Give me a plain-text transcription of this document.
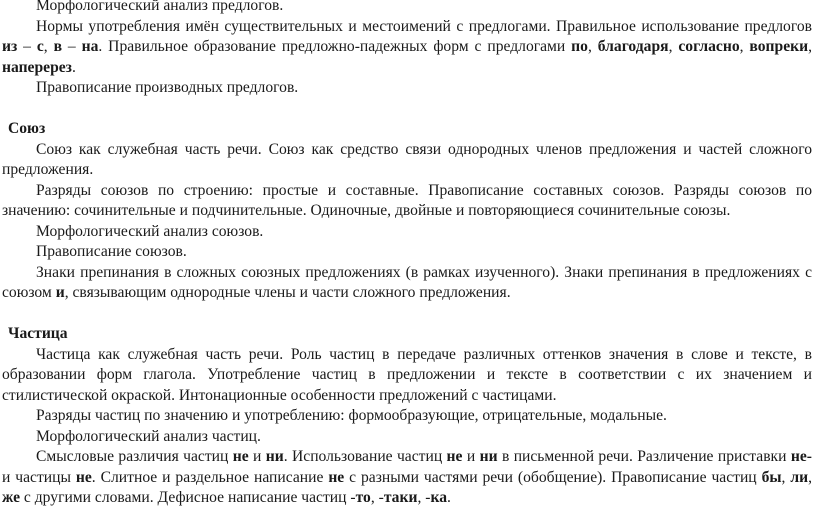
Морфологический анализ предлогов.

Нормы употребления имён существительных и местоимений с предлогами. Правильное использование предлогов из – с, в – на. Правильное образование предложно-падежных форм с предлогами по, благодаря, согласно, вопреки, наперерез.

Правописание производных предлогов.

Союз

Союз как служебная часть речи. Союз как средство связи однородных членов предложения и частей сложного предложения.

Разряды союзов по строению: простые и составные. Правописание составных союзов. Разряды союзов по значению: сочинительные и подчинительные. Одиночные, двойные и повторяющиеся сочинительные союзы.

Морфологический анализ союзов.

Правописание союзов.

Знаки препинания в сложных союзных предложениях (в рамках изученного). Знаки препинания в предложениях с союзом и, связывающим однородные члены и части сложного предложения.

Частица

Частица как служебная часть речи. Роль частиц в передаче различных оттенков значения в слове и тексте, в образовании форм глагола. Употребление частиц в предложении и тексте в соответствии с их значением и стилистической окраской. Интонационные особенности предложений с частицами.

Разряды частиц по значению и употреблению: формообразующие, отрицательные, модальные.

Морфологический анализ частиц.

Смысловые различия частиц не и ни. Использование частиц не и ни в письменной речи. Различение приставки не- и частицы не. Слитное и раздельное написание не с разными частями речи (обобщение). Правописание частиц бы, ли, же с другими словами. Дефисное написание частиц -то, -таки, -ка.
